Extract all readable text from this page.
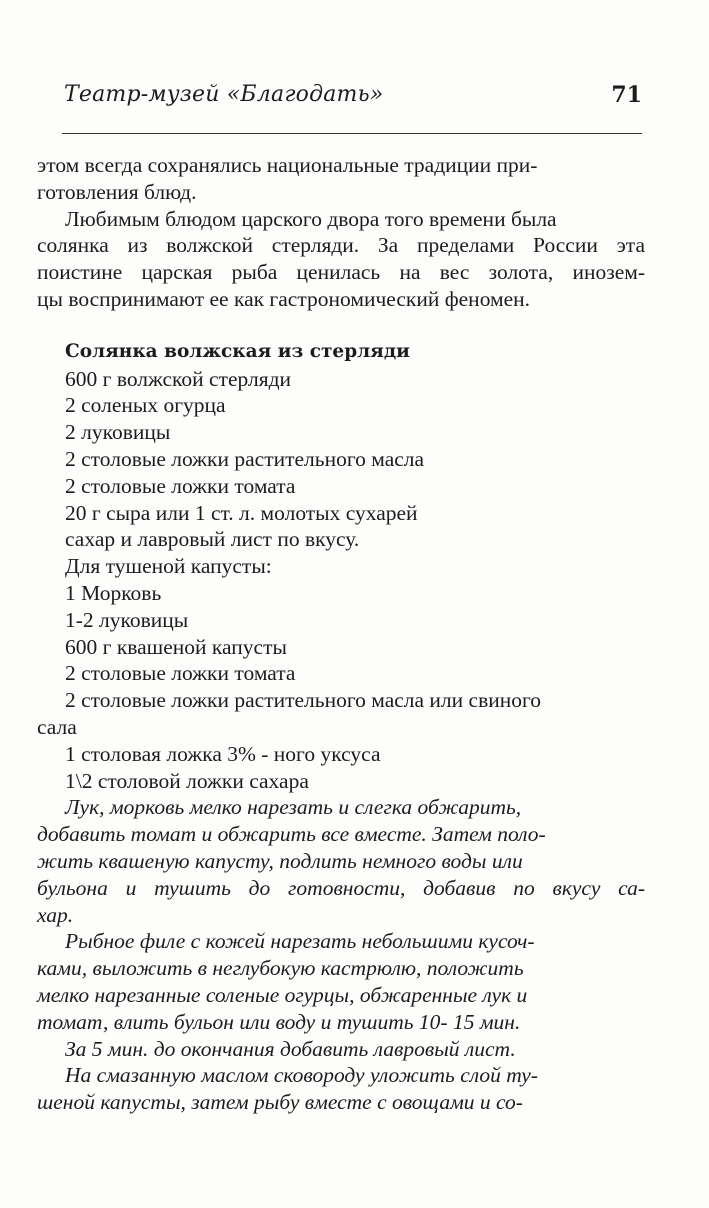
Театр-музей «Благодать»	71

этом всегда сохранялись национальные традиции при-

готовления блюд.

Любимым блюдом царского двора того времени была

солянка из волжской стерляди. За пределами России эта

поистине царская рыба ценилась на вес золота, инозем-

цы воспринимают ее как гастрономический феномен.

Солянка волжская из стерляди
600 г волжской стерляди
2 соленых огурца
2 луковицы
2 столовые ложки растительного масла
2 столовые ложки томата
20 г сыра или 1 ст. л. молотых сухарей
сахар и лавровый лист по вкусу.
Для тушеной капусты:
1 Морковь
1-2 луковицы
600 г квашеной капусты
2 столовые ложки томата
2 столовые ложки растительного масла или свиного
сала
1 столовая ложка 3% - ного уксуса
1\2 столовой ложки сахара

Лук, морковь мелко нарезать и слегка обжарить,

добавить томат и обжарить все вместе. Затем поло-

жить квашеную капусту, подлить немного воды или

бульона и тушить до готовности, добавив по вкусу са-

хар.

Рыбное филе с кожей нарезать небольшими кусоч-

ками, выложить в неглубокую кастрюлю, положить

мелко нарезанные соленые огурцы, обжаренные лук и

томат, влить бульон или воду и тушить 10- 15 мин.

За 5 мин. до окончания добавить лавровый лист.

На смазанную маслом сковороду уложить слой ту-

шеной капусты, затем рыбу вместе с овощами и со-
